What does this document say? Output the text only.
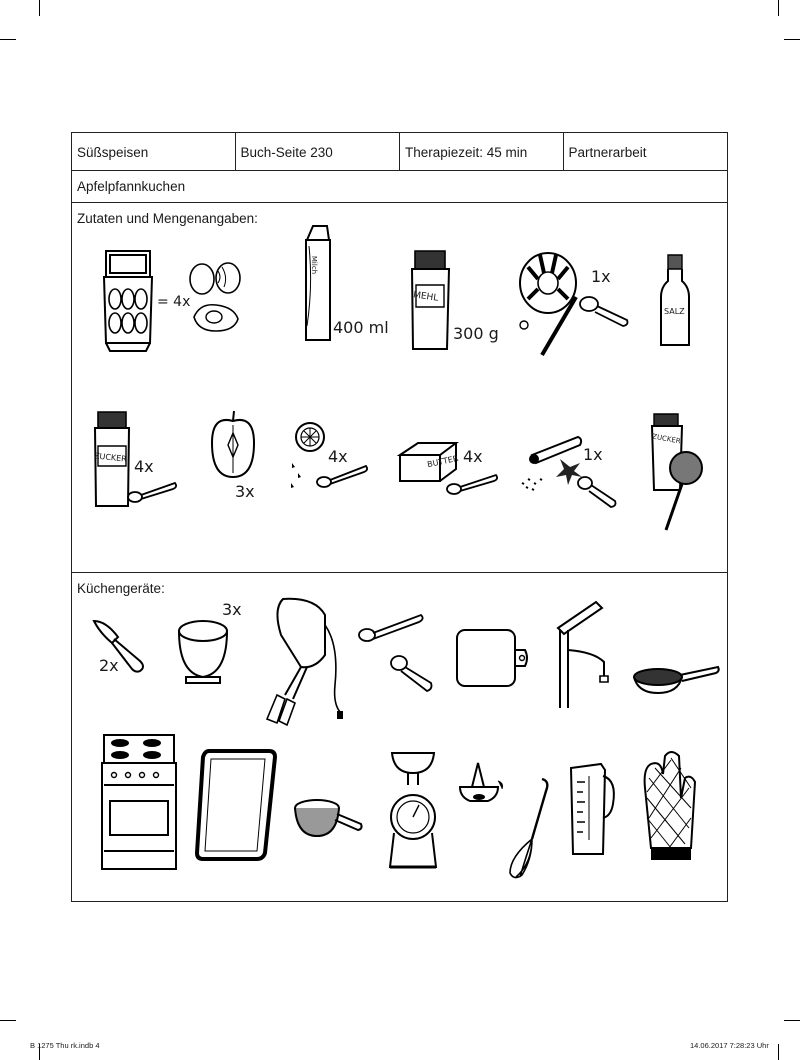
Süßspeisen	Buch-Seite 230	Therapiezeit: 45 min	Partnerarbeit
Apfelpfannkuchen
Zutaten und Mengenangaben:
= 4x
Milch
400 ml
MEHL
300 g
1x
SALZ
ZUCKER 4x
3x
4x	BUTTER 4x	1x
ZUCKER
Küchengeräte:
2x
3x
B 1275 Thu rk.indb 4	14.06.2017 7:28:23 Uhr
